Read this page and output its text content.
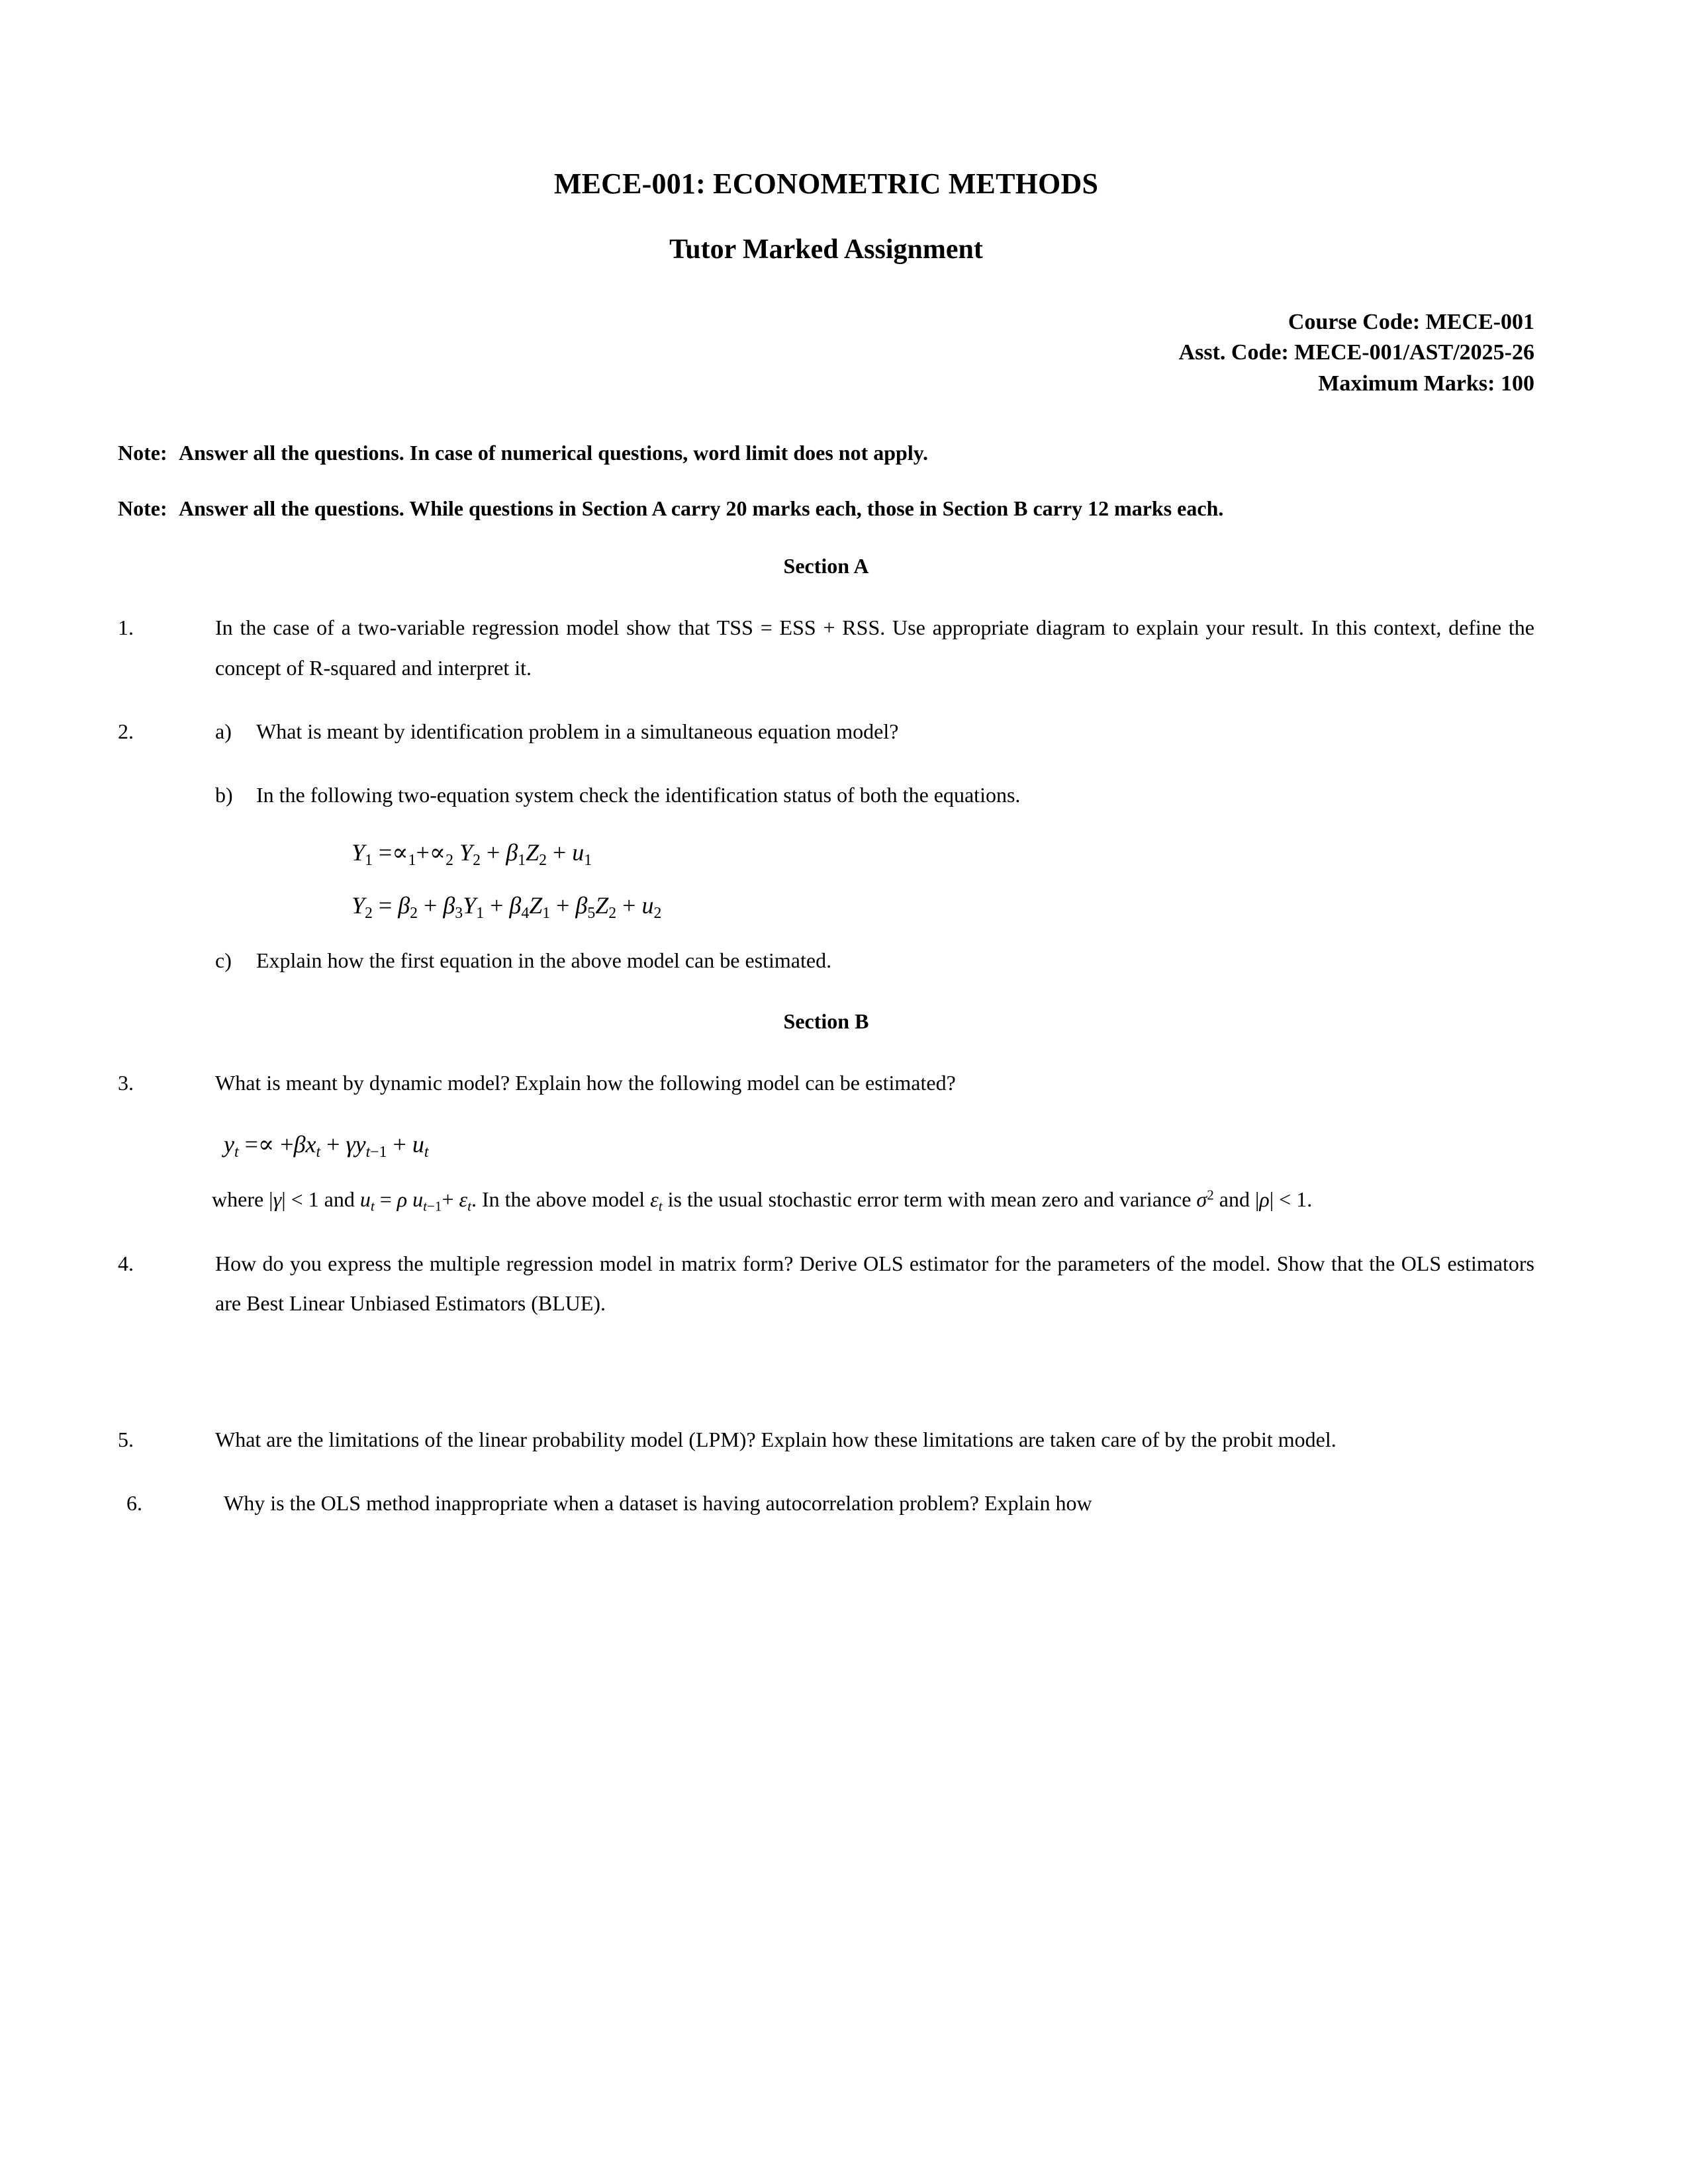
MECE-001: ECONOMETRIC METHODS
Tutor Marked Assignment
Course Code: MECE-001
Asst. Code: MECE-001/AST/2025-26
Maximum Marks: 100

Note: Answer all the questions. In case of numerical questions, word limit does not apply.

Note: Answer all the questions. While questions in Section A carry 20 marks each, those in Section B carry 12 marks each.

Section A
1.	In the case of a two-variable regression model show that TSS = ESS + RSS. Use appropriate diagram to explain your result. In this context, define the concept of R-squared and interpret it.
2.	a) What is meant by identification problem in a simultaneous equation model?
b) In the following two-equation system check the identification status of both the equations.
$Y_1 =\propto_1+\propto_2$ $Y_2 + \beta_1Z_2 + u_1$
$Y_2 = \beta_2 + \beta_3Y_1 + \beta_4Z_1 + \beta_5Z_2 + u_2$
c) Explain how the first equation in the above model can be estimated.
Section B
3.	What is meant by dynamic model? Explain how the following model can be estimated?
$y_t =\propto +\beta x_t + \gamma y_{t-1} + u_t$
where |γ| < 1 and $u_t = \rho$ $u_{t-1}+ \varepsilon_t$. In the above model $\varepsilon_t$ is the usual stochastic error term with mean zero and variance $\sigma^2$ and |ρ| < 1.
4.	How do you express the multiple regression model in matrix form? Derive OLS estimator for the parameters of the model. Show that the OLS estimators are Best Linear Unbiased Estimators (BLUE).
5.	What are the limitations of the linear probability model (LPM)? Explain how these limitations are taken care of by the probit model.
6.	Why is the OLS method inappropriate when a dataset is having autocorrelation problem? Explain how
